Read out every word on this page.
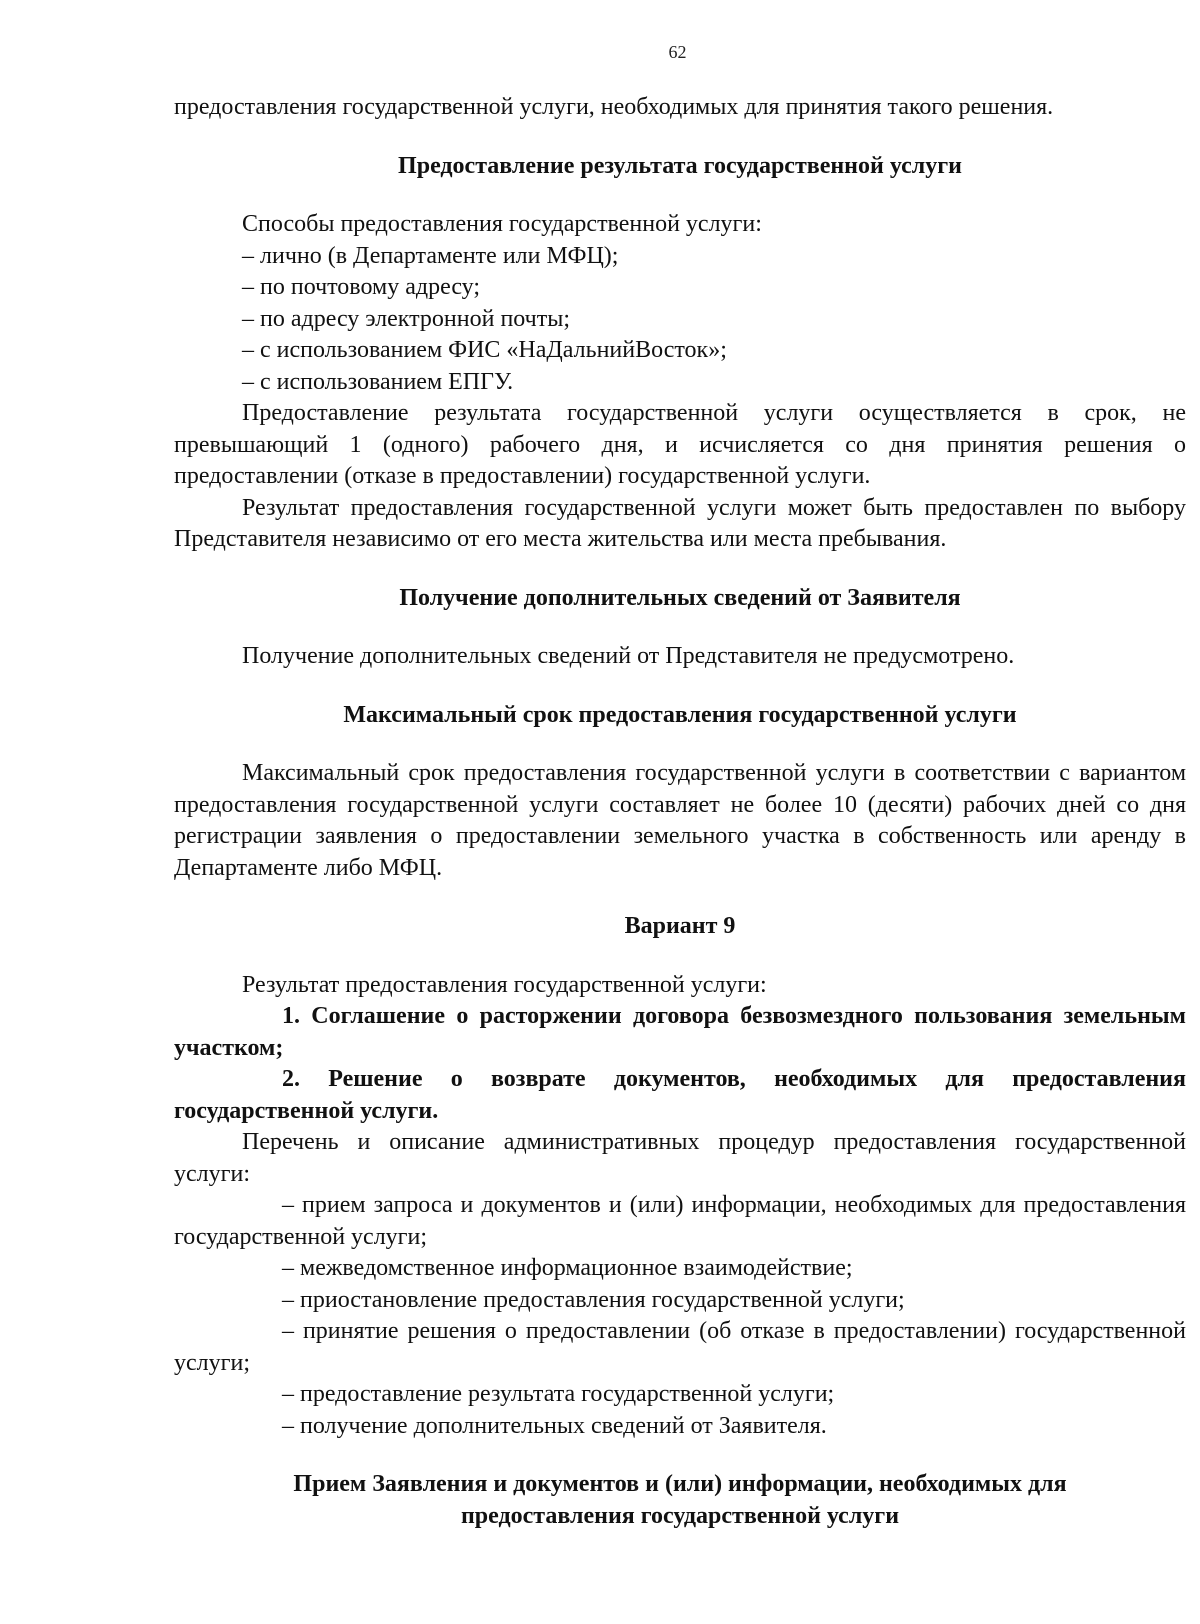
62

предоставления государственной услуги, необходимых для принятия такого решения.

Предоставление результата государственной услуги

Способы предоставления государственной услуги:

– лично (в Департаменте или МФЦ);

– по почтовому адресу;

– по адресу электронной почты;

– с использованием ФИС «НаДальнийВосток»;

– с использованием ЕПГУ.

Предоставление результата государственной услуги осуществляется в срок, не превышающий 1 (одного) рабочего дня, и исчисляется со дня принятия решения о предоставлении (отказе в предоставлении) государственной услуги.

Результат предоставления государственной услуги может быть предоставлен по выбору Представителя независимо от его места жительства или места пребывания.

Получение дополнительных сведений от Заявителя

Получение дополнительных сведений от Представителя не предусмотрено.

Максимальный срок предоставления государственной услуги

Максимальный срок предоставления государственной услуги в соответствии с вариантом предоставления государственной услуги составляет не более 10 (десяти) рабочих дней со дня регистрации заявления о предоставлении земельного участка в собственность или аренду в Департаменте либо МФЦ.

Вариант 9

Результат предоставления государственной услуги:

1. Соглашение о расторжении договора безвозмездного пользования земельным участком;

2. Решение о возврате документов, необходимых для предоставления государственной услуги.

Перечень и описание административных процедур предоставления государственной услуги:

– прием запроса и документов и (или) информации, необходимых для предоставления государственной услуги;

– межведомственное информационное взаимодействие;

– приостановление предоставления государственной услуги;

– принятие решения о предоставлении (об отказе в предоставлении) государственной услуги;

– предоставление результата государственной услуги;

– получение дополнительных сведений от Заявителя.

Прием Заявления и документов и (или) информации, необходимых для предоставления государственной услуги
